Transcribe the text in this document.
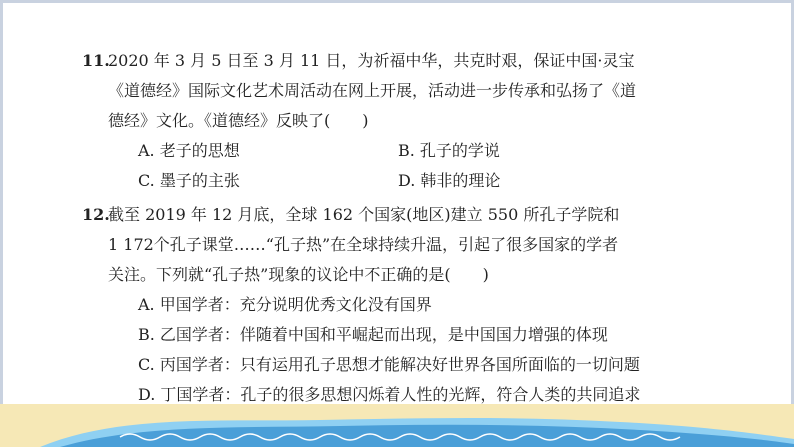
11.2020 年 3 月 5 日至 3 月 11 日，为祈福中华，共克时艰，保证中国·灵宝
《道德经》国际文化艺术周活动在网上开展，活动进一步传承和弘扬了《道
德经》文化。《道德经》反映了(　　)
A. 老子的思想	B. 孔子的学说
C. 墨子的主张	D. 韩非的理论
12.截至 2019 年 12 月底，全球 162 个国家(地区)建立 550 所孔子学院和
1 172个孔子课堂……“孔子热”在全球持续升温，引起了很多国家的学者
关注。下列就“孔子热”现象的议论中不正确的是(　　)
A. 甲国学者：充分说明优秀文化没有国界
B. 乙国学者：伴随着中国和平崛起而出现，是中国国力增强的体现
C. 丙国学者：只有运用孔子思想才能解决好世界各国所面临的一切问题
D. 丁国学者：孔子的很多思想闪烁着人性的光辉，符合人类的共同追求
